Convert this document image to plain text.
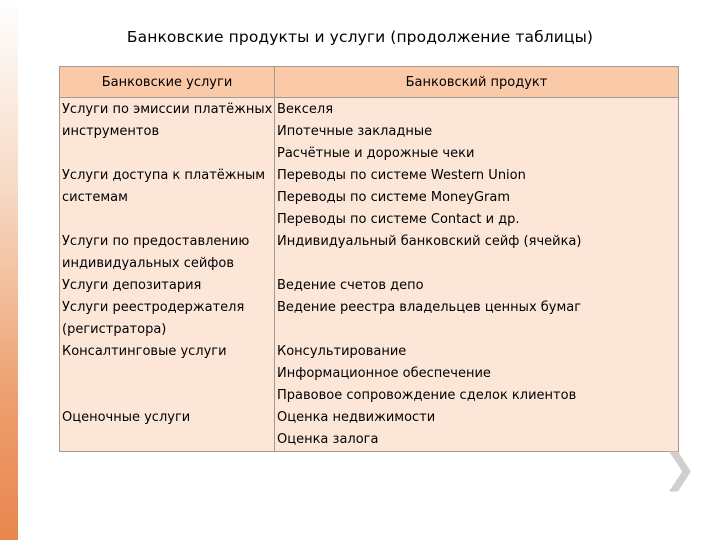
Банковские продукты и услуги (продолжение таблицы)
Банковские услуги	Банковский продукт

Услуги по эмиссии платёжных
инструментов	Векселя
Ипотечные закладные
Расчётные и дорожные чеки

Услуги доступа к платёжным
системам	Переводы по системе Western Union
Переводы по системе MoneyGram
Переводы по системе Contact и др.

Услуги по предоставлению
индивидуальных сейфов	Индивидуальный банковский сейф (ячейка)

Услуги депозитария	Ведение счетов депо

Услуги реестродержателя
(регистратора)	Ведение реестра владельцев ценных бумаг

Консалтинговые услуги	Консультирование
Информационное обеспечение
Правовое сопровождение сделок клиентов

Оценочные услуги	Оценка недвижимости
Оценка залога
❯
